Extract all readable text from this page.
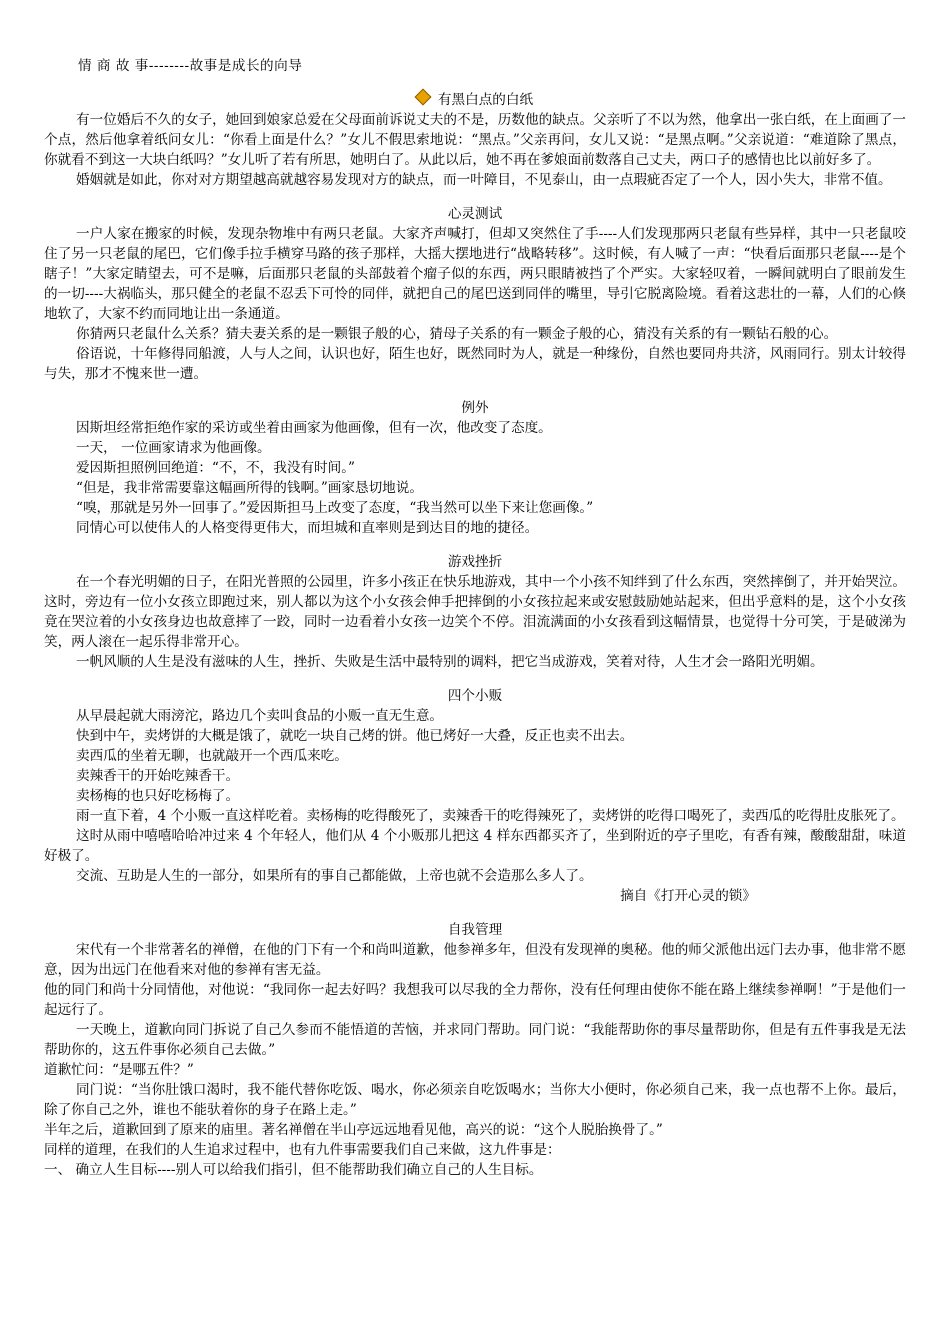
情 商 故 事--------故事是成长的向导
有黑白点的白纸

有一位婚后不久的女子，她回到娘家总爱在父母面前诉说丈夫的不是，历数他的缺点。父亲听了不以为然，他拿出一张白纸，在上面画了一个点，然后他拿着纸问女儿：“你看上面是什么？”女儿不假思索地说：“黑点。”父亲再问，女儿又说：“是黑点啊。”父亲说道：“难道除了黑点，你就看不到这一大块白纸吗？”女儿听了若有所思，她明白了。从此以后，她不再在爹娘面前数落自己丈夫，两口子的感情也比以前好多了。

婚姻就是如此，你对对方期望越高就越容易发现对方的缺点，而一叶障目，不见泰山，由一点瑕疵否定了一个人，因小失大，非常不值。

心灵测试

一户人家在搬家的时候，发现杂物堆中有两只老鼠。大家齐声喊打，但却又突然住了手----人们发现那两只老鼠有些异样，其中一只老鼠咬住了另一只老鼠的尾巴，它们像手拉手横穿马路的孩子那样，大摇大摆地进行“战略转移”。这时候，有人喊了一声：“快看后面那只老鼠----是个瞎子！”大家定睛望去，可不是嘛，后面那只老鼠的头部鼓着个瘤子似的东西，两只眼睛被挡了个严实。大家轻叹着，一瞬间就明白了眼前发生的一切----大祸临头，那只健全的老鼠不忍丢下可怜的同伴，就把自己的尾巴送到同伴的嘴里，导引它脱离险境。看着这悲壮的一幕，人们的心倏地软了，大家不约而同地让出一条通道。

你猜两只老鼠什么关系？猜夫妻关系的是一颗银子般的心，猜母子关系的有一颗金子般的心，猜没有关系的有一颗钻石般的心。

俗语说，十年修得同船渡，人与人之间，认识也好，陌生也好，既然同时为人，就是一种缘份，自然也要同舟共济，风雨同行。别太计较得与失，那才不愧来世一遭。

例外

因斯坦经常拒绝作家的采访或坐着由画家为他画像，但有一次，他改变了态度。

一天， 一位画家请求为他画像。

爱因斯担照例回绝道：“不，不，我没有时间。”

“但是，我非常需要靠这幅画所得的钱啊。”画家恳切地说。

“嗅，那就是另外一回事了。”爱因斯担马上改变了态度，“我当然可以坐下来让您画像。”

同情心可以使伟人的人格变得更伟大，而坦城和直率则是到达目的地的捷径。

游戏挫折

在一个春光明媚的日子，在阳光普照的公园里，许多小孩正在快乐地游戏，其中一个小孩不知绊到了什么东西，突然摔倒了，并开始哭泣。这时，旁边有一位小女孩立即跑过来，别人都以为这个小女孩会伸手把摔倒的小女孩拉起来或安慰鼓励她站起来，但出乎意料的是，这个小女孩竟在哭泣着的小女孩身边也故意摔了一跤，同时一边看着小女孩一边笑个不停。泪流满面的小女孩看到这幅情景，也觉得十分可笑，于是破涕为笑，两人滚在一起乐得非常开心。

一帆风顺的人生是没有滋味的人生，挫折、失败是生活中最特别的调料，把它当成游戏，笑着对待，人生才会一路阳光明媚。

四个小贩

从早晨起就大雨滂沱，路边几个卖叫食品的小贩一直无生意。

快到中午，卖烤饼的大概是饿了，就吃一块自己烤的饼。他已烤好一大叠，反正也卖不出去。

卖西瓜的坐着无聊，也就敲开一个西瓜来吃。

卖辣香干的开始吃辣香干。

卖杨梅的也只好吃杨梅了。

雨一直下着，4 个小贩一直这样吃着。卖杨梅的吃得酸死了，卖辣香干的吃得辣死了，卖烤饼的吃得口喝死了，卖西瓜的吃得肚皮胀死了。

这时从雨中嘻嘻哈哈冲过来 4 个年轻人，他们从 4 个小贩那儿把这 4 样东西都买齐了，坐到附近的亭子里吃，有香有辣，酸酸甜甜，味道好极了。

交流、互助是人生的一部分，如果所有的事自己都能做，上帝也就不会造那么多人了。

摘自《打开心灵的锁》

自我管理

宋代有一个非常著名的禅僧，在他的门下有一个和尚叫道歉，他参禅多年，但没有发现禅的奥秘。他的师父派他出远门去办事，他非常不愿意，因为出远门在他看来对他的参禅有害无益。

他的同门和尚十分同情他，对他说：“我同你一起去好吗？我想我可以尽我的全力帮你，没有任何理由使你不能在路上继续参禅啊！”于是他们一起远行了。

一天晚上，道歉向同门拆说了自己久参而不能悟道的苦恼，并求同门帮助。同门说：“我能帮助你的事尽量帮助你，但是有五件事我是无法帮助你的，这五件事你必须自己去做。”

道歉忙问：“是哪五件？”

同门说：“当你肚饿口渴时，我不能代替你吃饭、喝水，你必须亲自吃饭喝水；当你大小便时，你必须自己来，我一点也帮不上你。最后，除了你自己之外，谁也不能驮着你的身子在路上走。”

半年之后，道歉回到了原来的庙里。著名禅僧在半山亭远远地看见他，高兴的说：“这个人脱胎换骨了。”

同样的道理，在我们的人生追求过程中，也有九件事需要我们自己来做，这九件事是：

一、 确立人生目标----别人可以给我们指引，但不能帮助我们确立自己的人生目标。
